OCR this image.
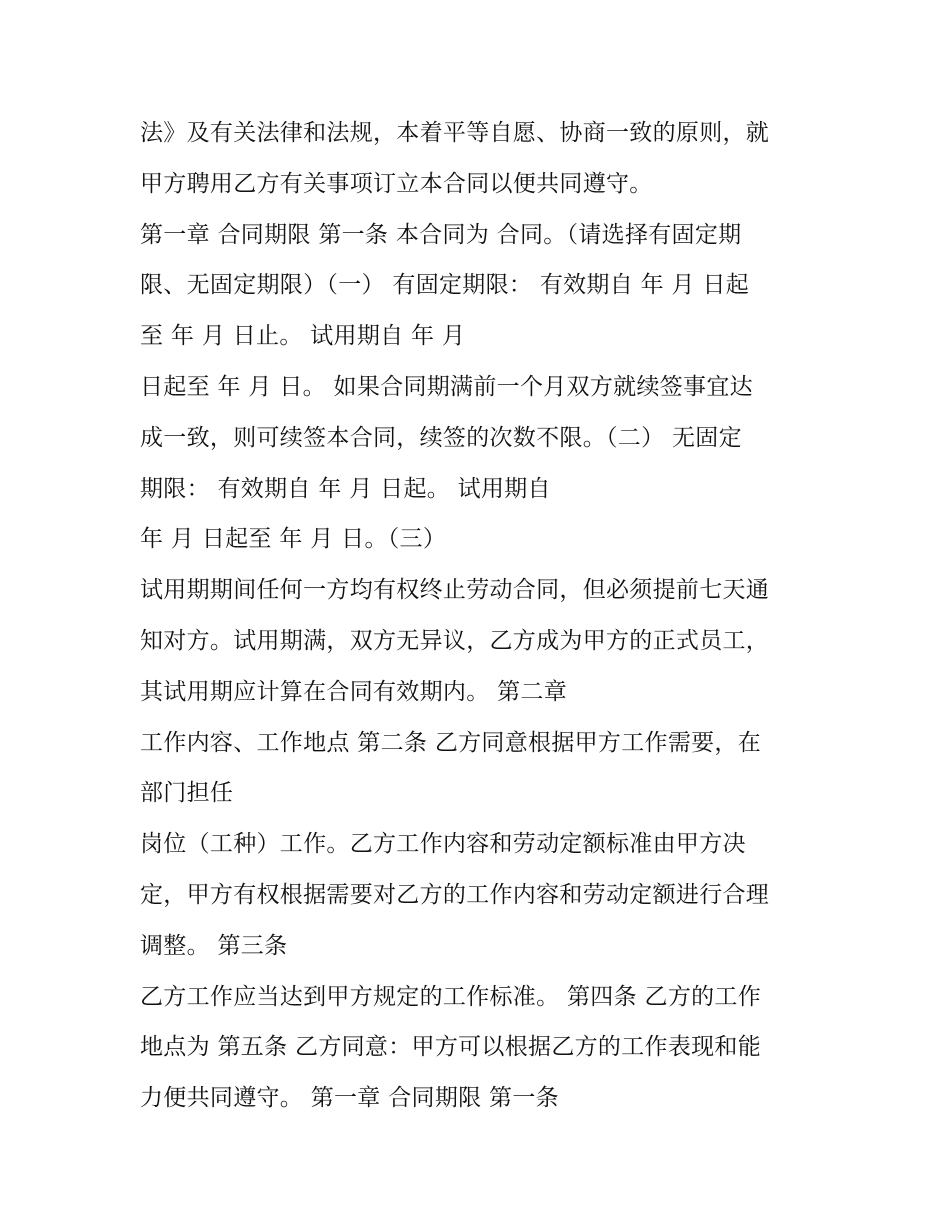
法》及有关法律和法规，本着平等自愿、协商一致的原则，就
甲方聘用乙方有关事项订立本合同以便共同遵守。
第一章 合同期限 第一条 本合同为 合同。（请选择有固定期
限、无固定期限）（一） 有固定期限： 有效期自 年 月 日起
至 年 月 日止。 试用期自 年 月
日起至 年 月 日。 如果合同期满前一个月双方就续签事宜达
成一致，则可续签本合同，续签的次数不限。（二） 无固定
期限： 有效期自 年 月 日起。 试用期自
年 月 日起至 年 月 日。（三）
试用期期间任何一方均有权终止劳动合同，但必须提前七天通
知对方。试用期满，双方无异议，乙方成为甲方的正式员工，
其试用期应计算在合同有效期内。 第二章
工作内容、工作地点 第二条 乙方同意根据甲方工作需要，在
部门担任
岗位（工种）工作。乙方工作内容和劳动定额标准由甲方决
定，甲方有权根据需要对乙方的工作内容和劳动定额进行合理
调整。 第三条
乙方工作应当达到甲方规定的工作标准。 第四条 乙方的工作
地点为 第五条 乙方同意：甲方可以根据乙方的工作表现和能
力便共同遵守。 第一章 合同期限 第一条
